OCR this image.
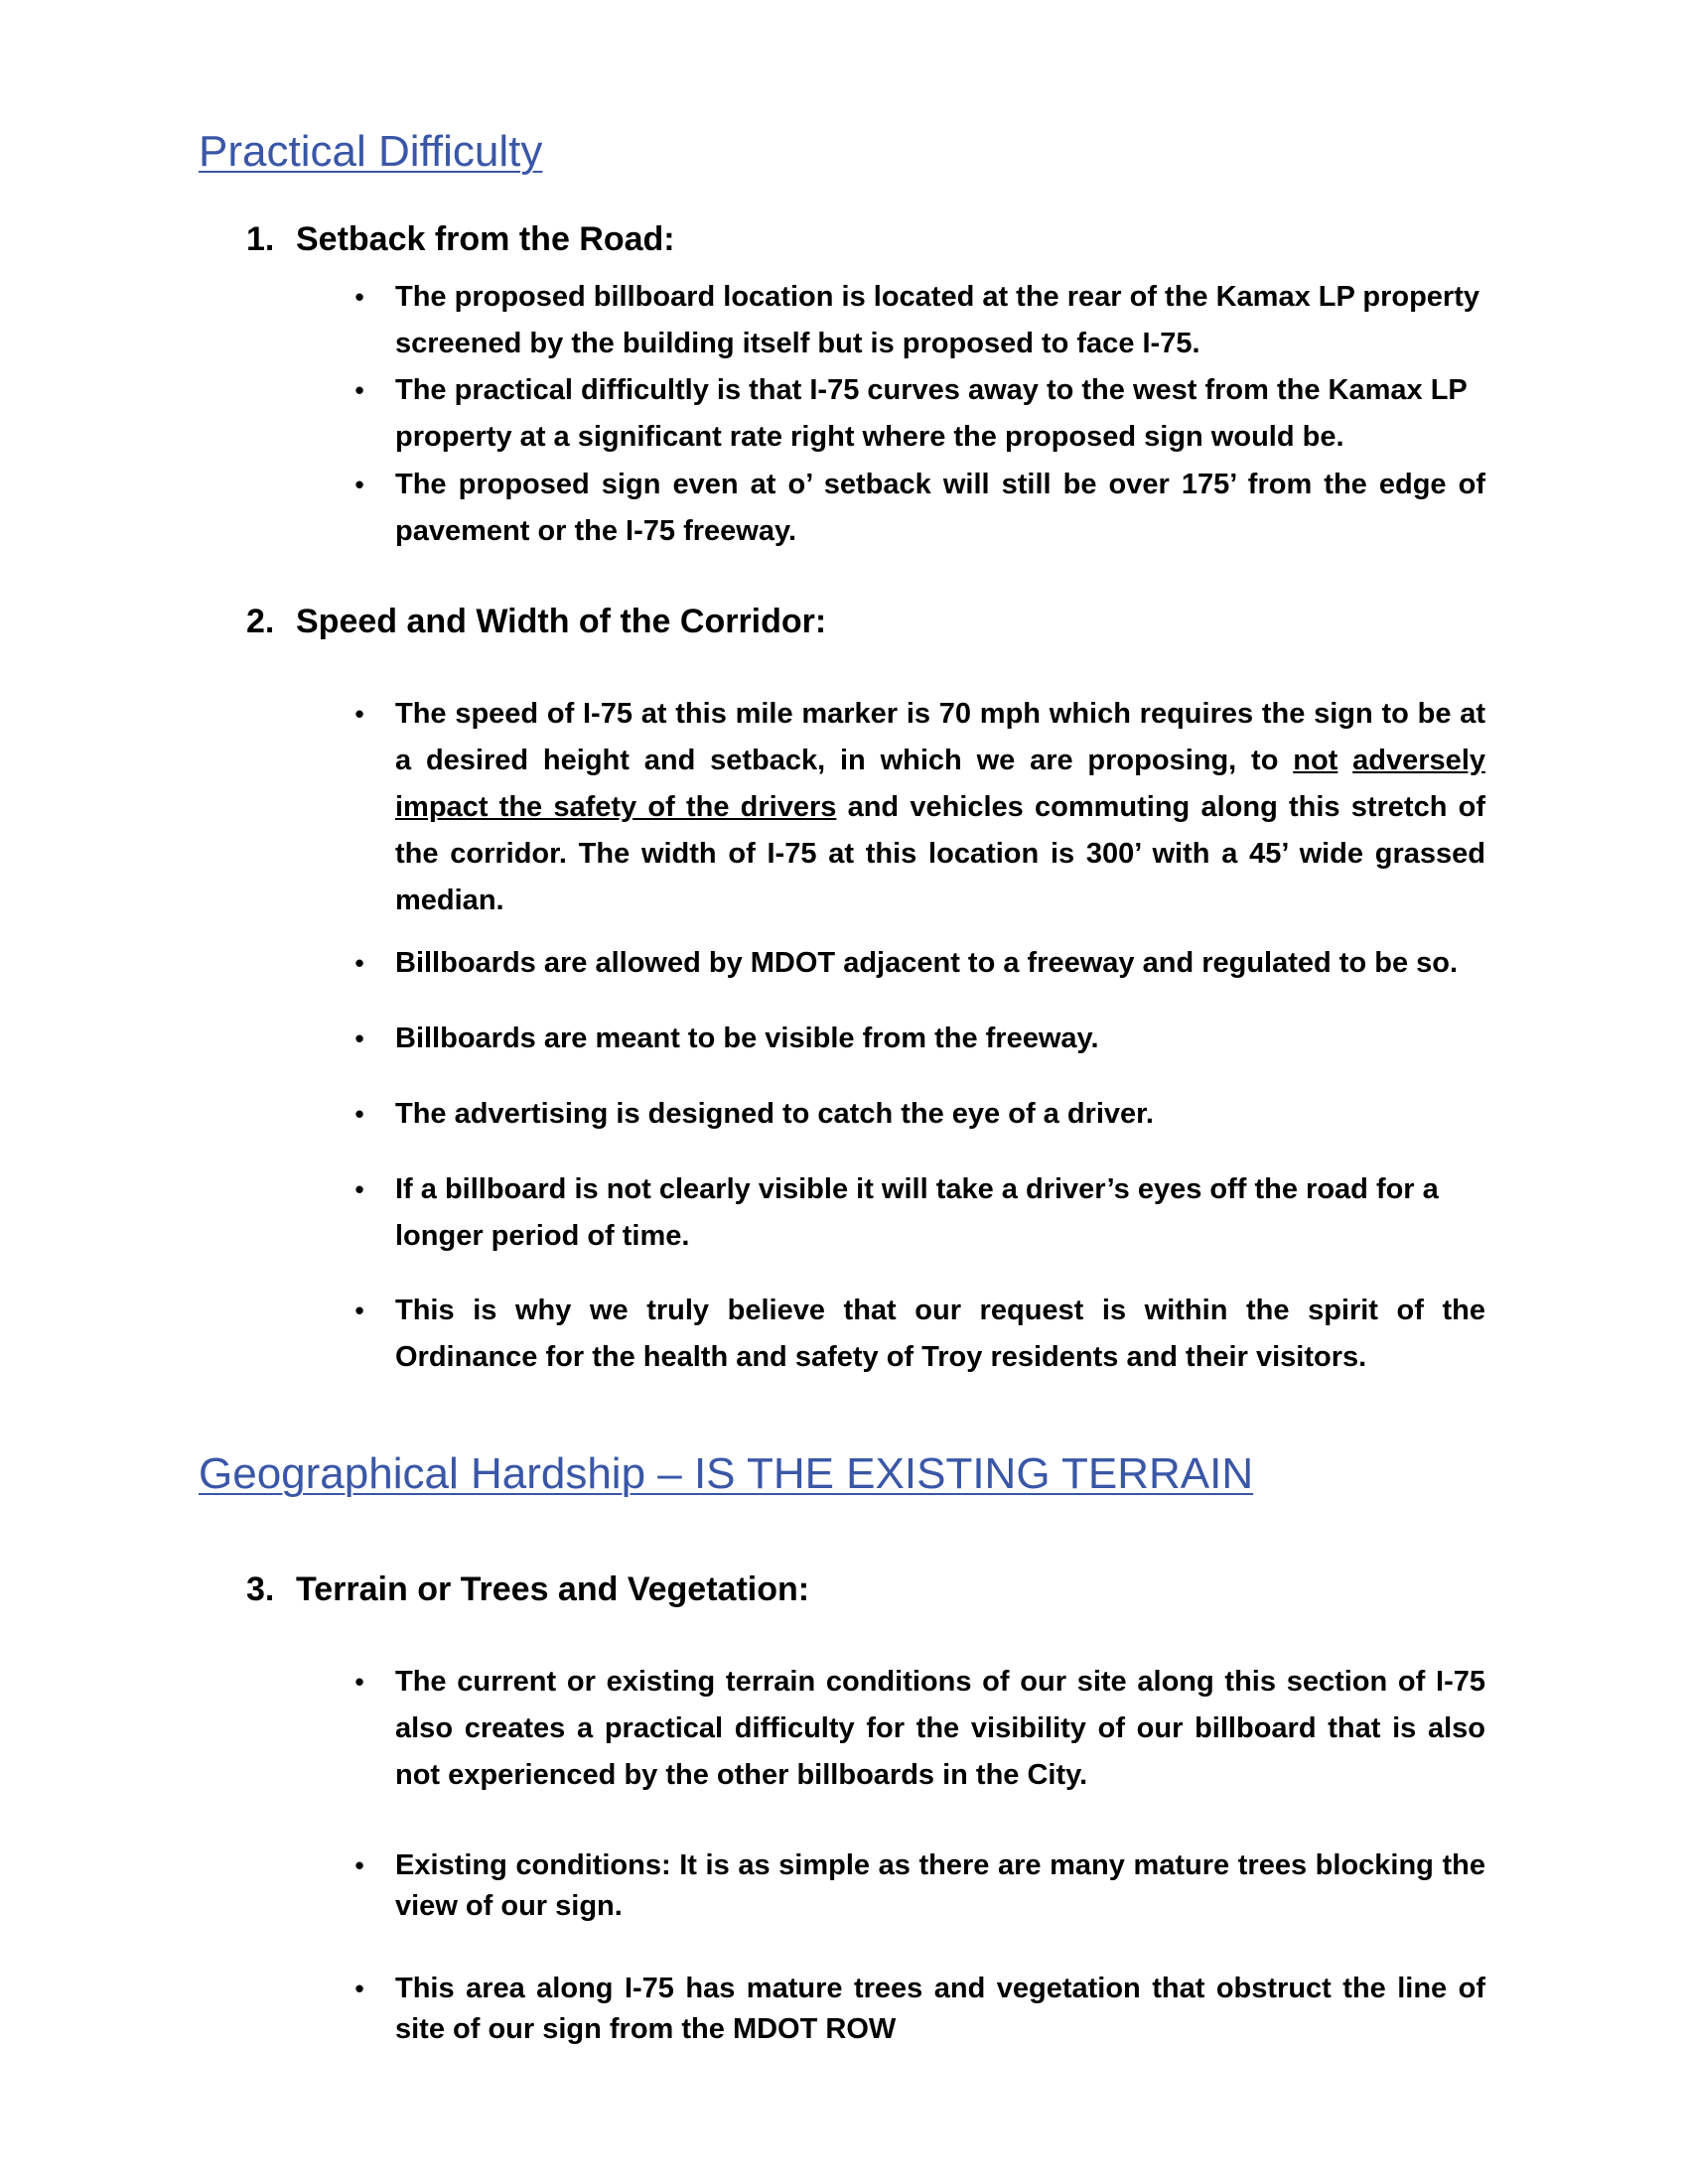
Practical Difficulty
1. Setback from the Road:
• The proposed billboard location is located at the rear of the Kamax LP property screened by the building itself but is proposed to face I-75.
• The practical difficultly is that I-75 curves away to the west from the Kamax LP property at a significant rate right where the proposed sign would be.
• The proposed sign even at o’ setback will still be over 175’ from the edge of pavement or the I-75 freeway.
2. Speed and Width of the Corridor:
• The speed of I-75 at this mile marker is 70 mph which requires the sign to be at a desired height and setback, in which we are proposing, to not adversely impact the safety of the drivers and vehicles commuting along this stretch of the corridor. The width of I-75 at this location is 300’ with a 45’ wide grassed median.
• Billboards are allowed by MDOT adjacent to a freeway and regulated to be so.
• Billboards are meant to be visible from the freeway.
• The advertising is designed to catch the eye of a driver.
• If a billboard is not clearly visible it will take a driver’s eyes off the road for a longer period of time.
• This is why we truly believe that our request is within the spirit of the Ordinance for the health and safety of Troy residents and their visitors.
Geographical Hardship – IS THE EXISTING TERRAIN
3. Terrain or Trees and Vegetation:
• The current or existing terrain conditions of our site along this section of I-75 also creates a practical difficulty for the visibility of our billboard that is also not experienced by the other billboards in the City.
• Existing conditions: It is as simple as there are many mature trees blocking the view of our sign.
• This area along I-75 has mature trees and vegetation that obstruct the line of site of our sign from the MDOT ROW
